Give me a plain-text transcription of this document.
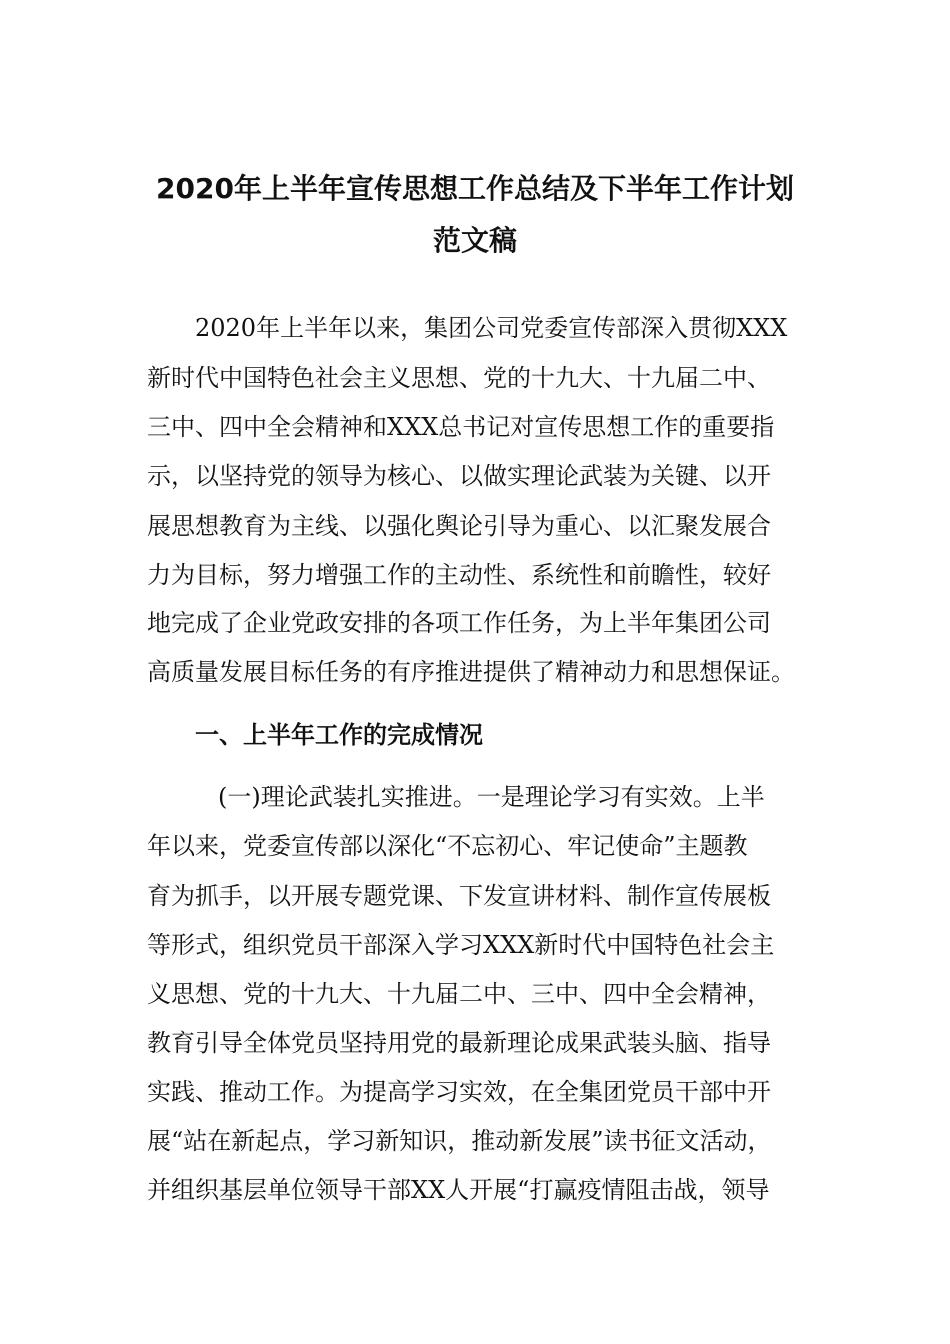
2020年上半年宣传思想工作总结及下半年工作计划
范文稿
2020年上半年以来，集团公司党委宣传部深入贯彻XXX
新时代中国特色社会主义思想、党的十九大、十九届二中、
三中、四中全会精神和XXX总书记对宣传思想工作的重要指
示，以坚持党的领导为核心、以做实理论武装为关键、以开
展思想教育为主线、以强化舆论引导为重心、以汇聚发展合
力为目标，努力增强工作的主动性、系统性和前瞻性，较好
地完成了企业党政安排的各项工作任务，为上半年集团公司
高质量发展目标任务的有序推进提供了精神动力和思想保证。
一、上半年工作的完成情况
(一)理论武装扎实推进。一是理论学习有实效。上半
年以来，党委宣传部以深化“不忘初心、牢记使命”主题教
育为抓手，以开展专题党课、下发宣讲材料、制作宣传展板
等形式，组织党员干部深入学习XXX新时代中国特色社会主
义思想、党的十九大、十九届二中、三中、四中全会精神，
教育引导全体党员坚持用党的最新理论成果武装头脑、指导
实践、推动工作。为提高学习实效，在全集团党员干部中开
展“站在新起点，学习新知识，推动新发展”读书征文活动，
并组织基层单位领导干部XX人开展“打赢疫情阻击战，领导
